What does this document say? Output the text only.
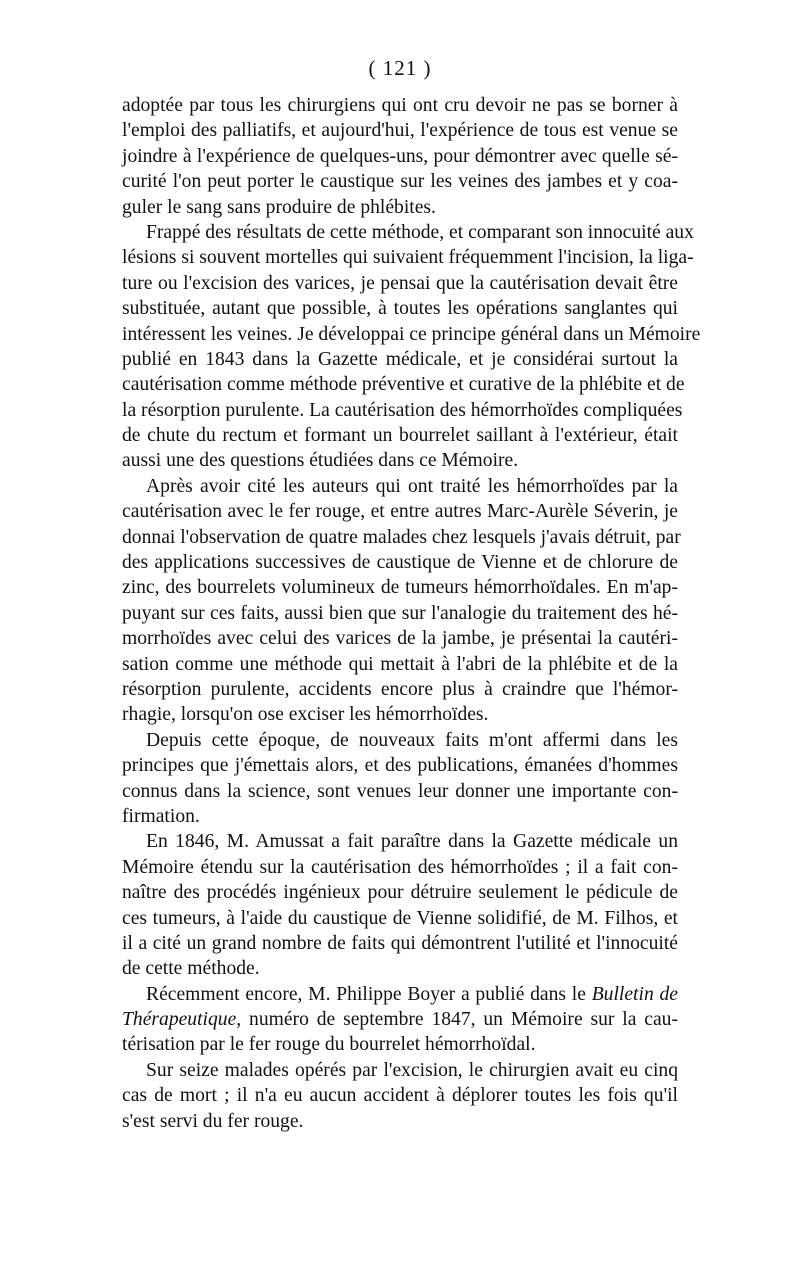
( 121 )
adoptée par tous les chirurgiens qui ont cru devoir ne pas se borner à
l'emploi des palliatifs, et aujourd'hui, l'expérience de tous est venue se
joindre à l'expérience de quelques-uns, pour démontrer avec quelle sé-
curité l'on peut porter le caustique sur les veines des jambes et y coa-
guler le sang sans produire de phlébites.
Frappé des résultats de cette méthode, et comparant son innocuité aux
lésions si souvent mortelles qui suivaient fréquemment l'incision, la liga-
ture ou l'excision des varices, je pensai que la cautérisation devait être
substituée, autant que possible, à toutes les opérations sanglantes qui
intéressent les veines. Je développai ce principe général dans un Mémoire
publié en 1843 dans la Gazette médicale, et je considérai surtout la
cautérisation comme méthode préventive et curative de la phlébite et de
la résorption purulente. La cautérisation des hémorrhoïdes compliquées
de chute du rectum et formant un bourrelet saillant à l'extérieur, était
aussi une des questions étudiées dans ce Mémoire.
Après avoir cité les auteurs qui ont traité les hémorrhoïdes par la
cautérisation avec le fer rouge, et entre autres Marc-Aurèle Séverin, je
donnai l'observation de quatre malades chez lesquels j'avais détruit, par
des applications successives de caustique de Vienne et de chlorure de
zinc, des bourrelets volumineux de tumeurs hémorrhoïdales. En m'ap-
puyant sur ces faits, aussi bien que sur l'analogie du traitement des hé-
morrhoïdes avec celui des varices de la jambe, je présentai la cautéri-
sation comme une méthode qui mettait à l'abri de la phlébite et de la
résorption purulente, accidents encore plus à craindre que l'hémor-
rhagie, lorsqu'on ose exciser les hémorrhoïdes.
Depuis cette époque, de nouveaux faits m'ont affermi dans les
principes que j'émettais alors, et des publications, émanées d'hommes
connus dans la science, sont venues leur donner une importante con-
firmation.
En 1846, M. Amussat a fait paraître dans la Gazette médicale un
Mémoire étendu sur la cautérisation des hémorrhoïdes ; il a fait con-
naître des procédés ingénieux pour détruire seulement le pédicule de
ces tumeurs, à l'aide du caustique de Vienne solidifié, de M. Filhos, et
il a cité un grand nombre de faits qui démontrent l'utilité et l'innocuité
de cette méthode.
Récemment encore, M. Philippe Boyer a publié dans le Bulletin de
Thérapeutique, numéro de septembre 1847, un Mémoire sur la cau-
térisation par le fer rouge du bourrelet hémorrhoïdal.
Sur seize malades opérés par l'excision, le chirurgien avait eu cinq
cas de mort ; il n'a eu aucun accident à déplorer toutes les fois qu'il
s'est servi du fer rouge.
